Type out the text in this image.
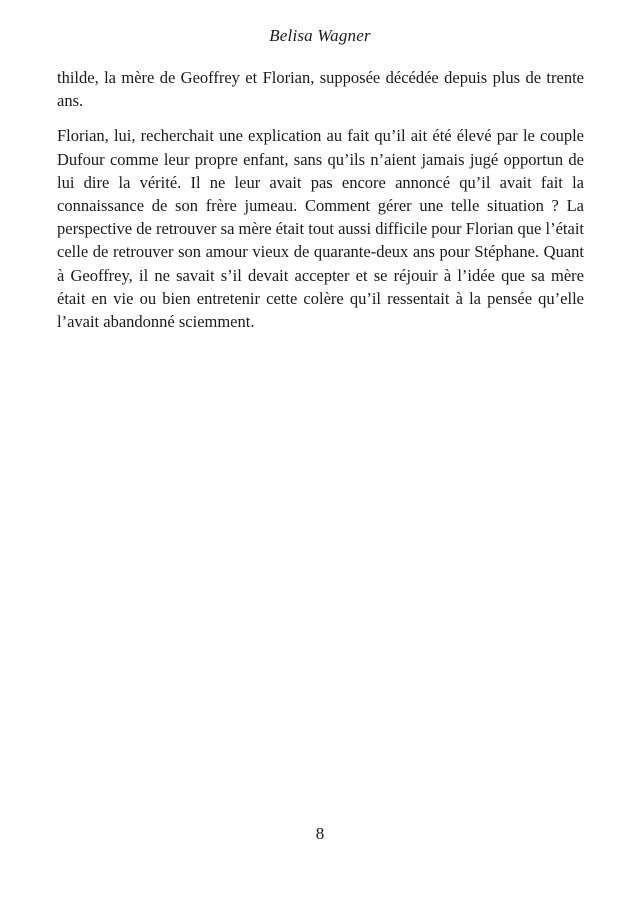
Belisa Wagner

thilde, la mère de Geoffrey et Florian, supposée décédée depuis plus de trente ans.

Florian, lui, recherchait une explication au fait qu’il ait été élevé par le couple Dufour comme leur propre enfant, sans qu’ils n’aient jamais jugé opportun de lui dire la vérité. Il ne leur avait pas encore annoncé qu’il avait fait la connaissance de son frère jumeau. Comment gérer une telle situation ? La perspective de retrouver sa mère était tout aussi difficile pour Florian que l’était celle de retrouver son amour vieux de quarante-deux ans pour Stéphane. Quant à Geoffrey, il ne savait s’il devait accepter et se réjouir à l’idée que sa mère était en vie ou bien entretenir cette colère qu’il ressentait à la pensée qu’elle l’avait abandonné sciemment.

8
